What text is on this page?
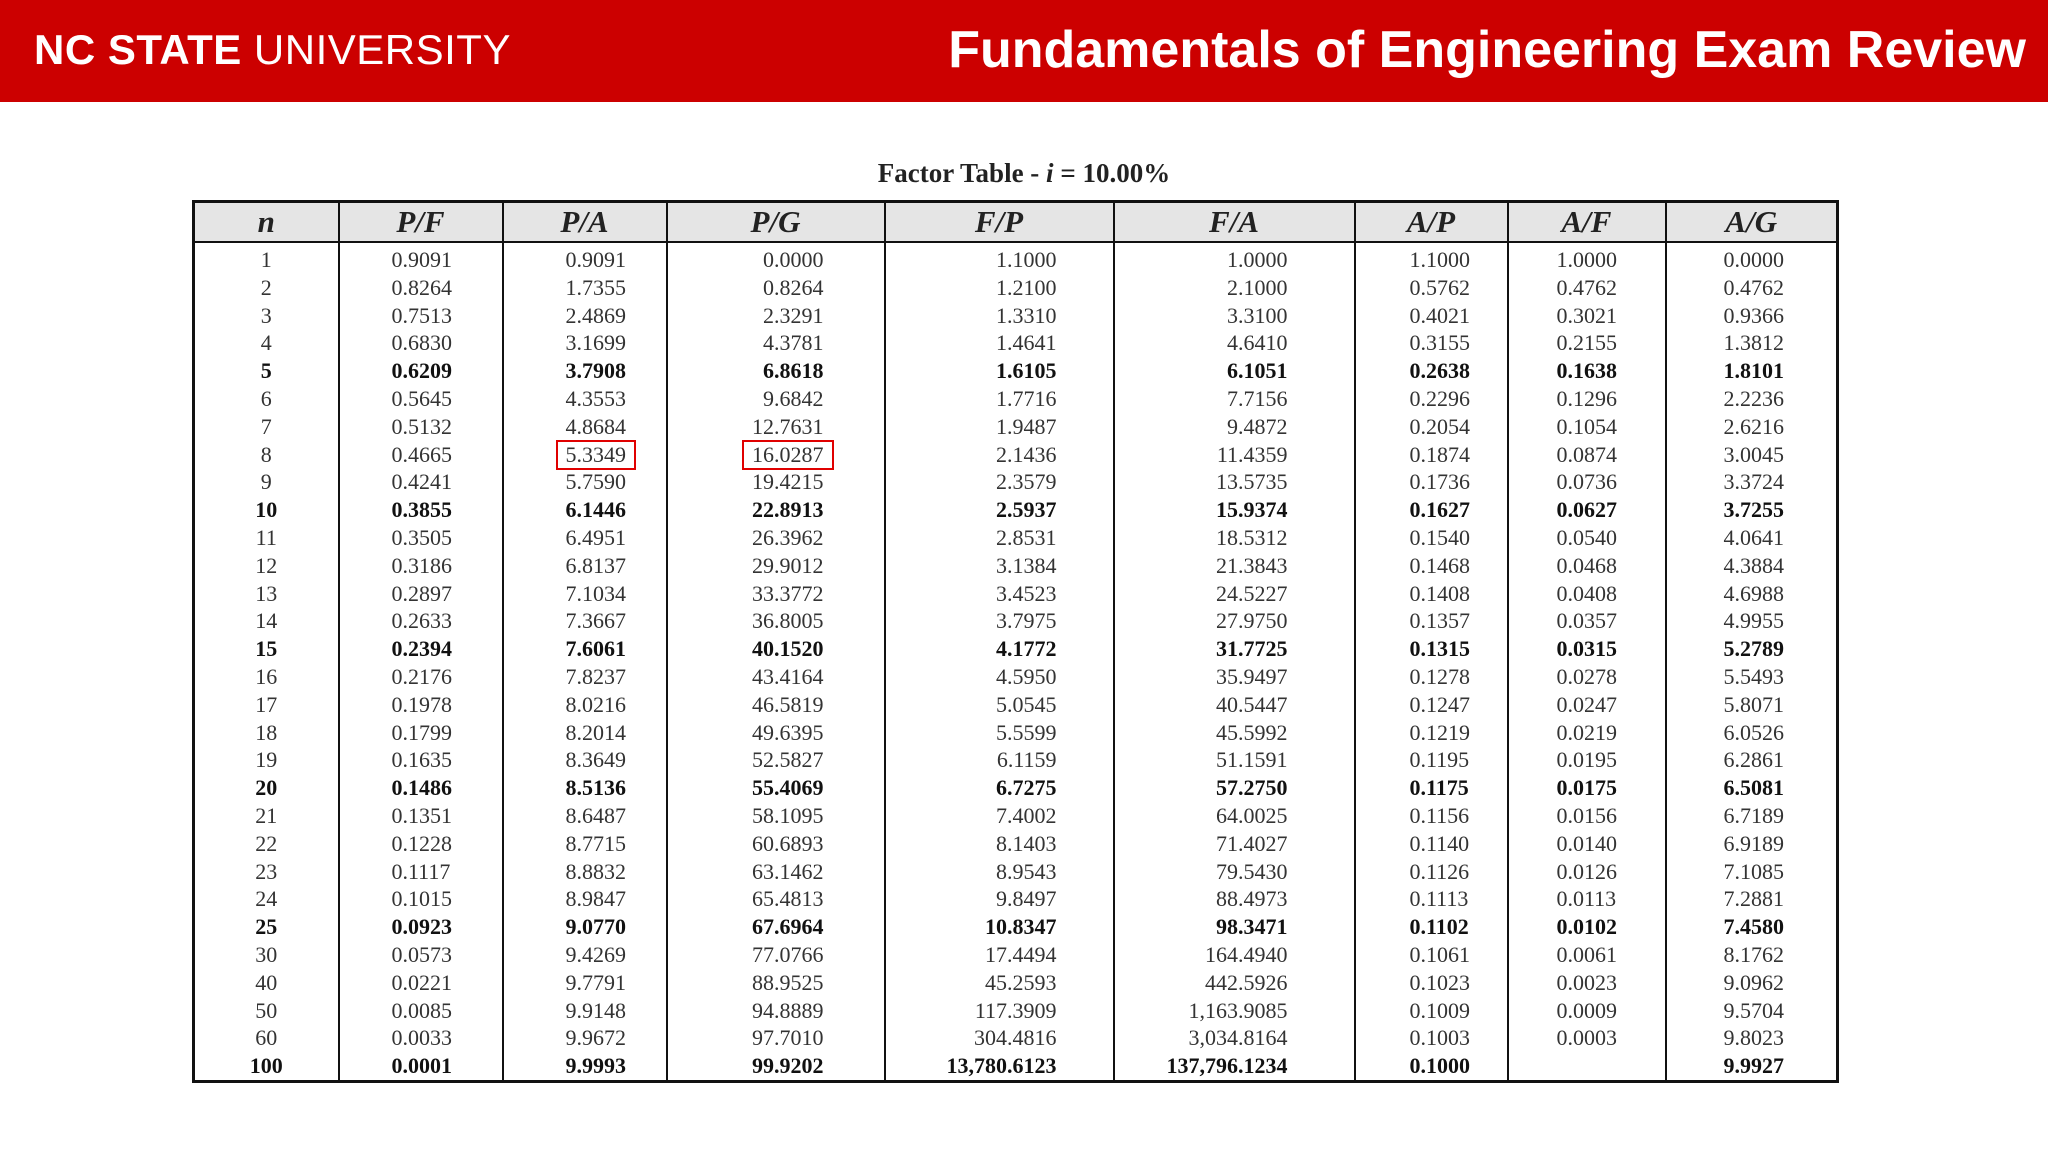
NC STATE UNIVERSITY	Fundamentals of Engineering Exam Review
Factor Table - i = 10.00%
n	P/F	P/A	P/G	F/P	F/A	A/P	A/F	A/G
1	0.9091	0.9091	0.0000	1.1000	1.0000	1.1000	1.0000	0.0000
2	0.8264	1.7355	0.8264	1.2100	2.1000	0.5762	0.4762	0.4762
3	0.7513	2.4869	2.3291	1.3310	3.3100	0.4021	0.3021	0.9366
4	0.6830	3.1699	4.3781	1.4641	4.6410	0.3155	0.2155	1.3812
5	0.6209	3.7908	6.8618	1.6105	6.1051	0.2638	0.1638	1.8101
6	0.5645	4.3553	9.6842	1.7716	7.7156	0.2296	0.1296	2.2236
7	0.5132	4.8684	12.7631	1.9487	9.4872	0.2054	0.1054	2.6216
8	0.4665	5.3349	16.0287	2.1436	11.4359	0.1874	0.0874	3.0045
9	0.4241	5.7590	19.4215	2.3579	13.5735	0.1736	0.0736	3.3724
10	0.3855	6.1446	22.8913	2.5937	15.9374	0.1627	0.0627	3.7255
11	0.3505	6.4951	26.3962	2.8531	18.5312	0.1540	0.0540	4.0641
12	0.3186	6.8137	29.9012	3.1384	21.3843	0.1468	0.0468	4.3884
13	0.2897	7.1034	33.3772	3.4523	24.5227	0.1408	0.0408	4.6988
14	0.2633	7.3667	36.8005	3.7975	27.9750	0.1357	0.0357	4.9955
15	0.2394	7.6061	40.1520	4.1772	31.7725	0.1315	0.0315	5.2789
16	0.2176	7.8237	43.4164	4.5950	35.9497	0.1278	0.0278	5.5493
17	0.1978	8.0216	46.5819	5.0545	40.5447	0.1247	0.0247	5.8071
18	0.1799	8.2014	49.6395	5.5599	45.5992	0.1219	0.0219	6.0526
19	0.1635	8.3649	52.5827	6.1159	51.1591	0.1195	0.0195	6.2861
20	0.1486	8.5136	55.4069	6.7275	57.2750	0.1175	0.0175	6.5081
21	0.1351	8.6487	58.1095	7.4002	64.0025	0.1156	0.0156	6.7189
22	0.1228	8.7715	60.6893	8.1403	71.4027	0.1140	0.0140	6.9189
23	0.1117	8.8832	63.1462	8.9543	79.5430	0.1126	0.0126	7.1085
24	0.1015	8.9847	65.4813	9.8497	88.4973	0.1113	0.0113	7.2881
25	0.0923	9.0770	67.6964	10.8347	98.3471	0.1102	0.0102	7.4580
30	0.0573	9.4269	77.0766	17.4494	164.4940	0.1061	0.0061	8.1762
40	0.0221	9.7791	88.9525	45.2593	442.5926	0.1023	0.0023	9.0962
50	0.0085	9.9148	94.8889	117.3909	1,163.9085	0.1009	0.0009	9.5704
60	0.0033	9.9672	97.7010	304.4816	3,034.8164	0.1003	0.0003	9.8023
100	0.0001	9.9993	99.9202	13,780.6123	137,796.1234	0.1000		9.9927
